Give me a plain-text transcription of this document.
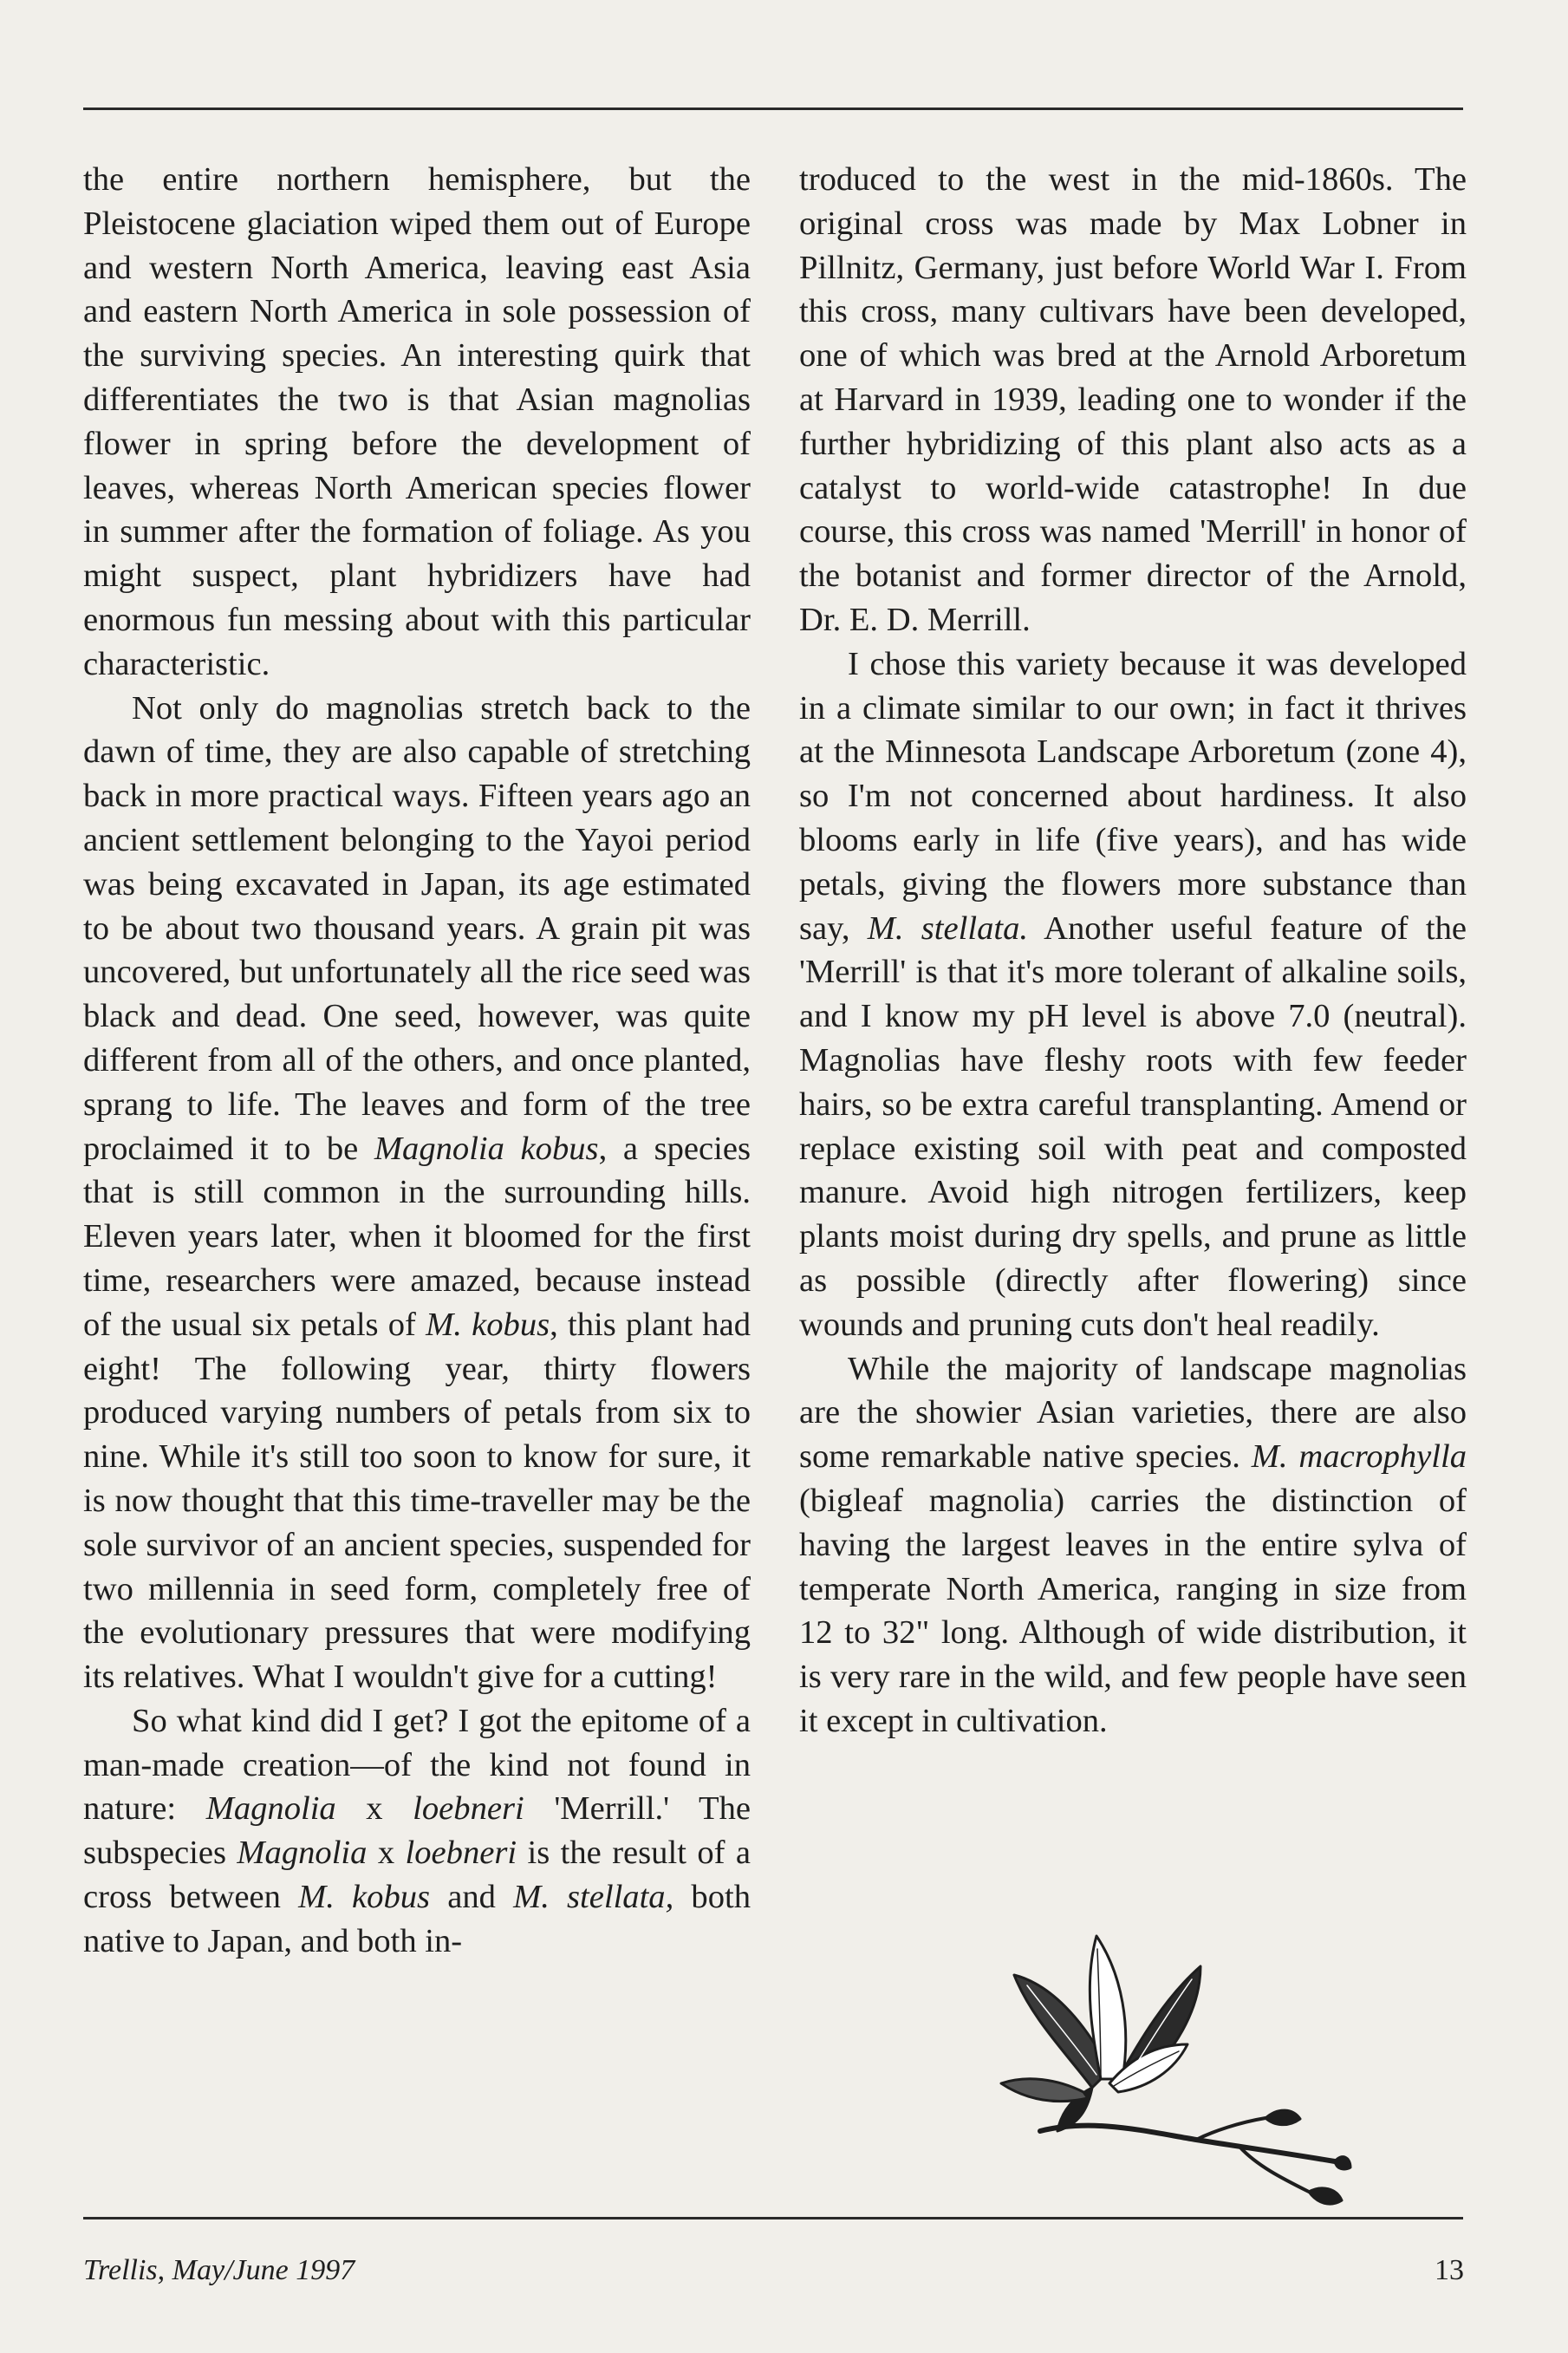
the entire northern hemisphere, but the Pleistocene glaciation wiped them out of Europe and western North America, leaving east Asia and eastern North America in sole possession of the surviving species. An interesting quirk that differentiates the two is that Asian magnolias flower in spring before the development of leaves, whereas North American species flower in summer after the formation of foliage. As you might suspect, plant hybridizers have had enormous fun messing about with this particular characteristic.

Not only do magnolias stretch back to the dawn of time, they are also capable of stretching back in more practical ways. Fifteen years ago an ancient settlement belonging to the Yayoi period was being excavated in Japan, its age estimated to be about two thousand years. A grain pit was uncovered, but unfortunately all the rice seed was black and dead. One seed, however, was quite different from all of the others, and once planted, sprang to life. The leaves and form of the tree proclaimed it to be Magnolia kobus, a species that is still common in the surrounding hills. Eleven years later, when it bloomed for the first time, researchers were amazed, because instead of the usual six petals of M. kobus, this plant had eight! The following year, thirty flowers produced varying numbers of petals from six to nine. While it's still too soon to know for sure, it is now thought that this time-traveller may be the sole survivor of an ancient species, suspended for two millennia in seed form, completely free of the evolutionary pressures that were modifying its relatives. What I wouldn't give for a cutting!

So what kind did I get? I got the epitome of a man-made creation—of the kind not found in nature: Magnolia x loebneri 'Merrill.' The subspecies Magnolia x loebneri is the result of a cross between M. kobus and M. stellata, both native to Japan, and both in-

troduced to the west in the mid-1860s. The original cross was made by Max Lobner in Pillnitz, Germany, just before World War I. From this cross, many cultivars have been developed, one of which was bred at the Arnold Arboretum at Harvard in 1939, leading one to wonder if the further hybridizing of this plant also acts as a catalyst to world-wide catastrophe! In due course, this cross was named 'Merrill' in honor of the botanist and former director of the Arnold, Dr. E. D. Merrill.

I chose this variety because it was developed in a climate similar to our own; in fact it thrives at the Minnesota Landscape Arboretum (zone 4), so I'm not concerned about hardiness. It also blooms early in life (five years), and has wide petals, giving the flowers more substance than say, M. stellata. Another useful feature of the 'Merrill' is that it's more tolerant of alkaline soils, and I know my pH level is above 7.0 (neutral). Magnolias have fleshy roots with few feeder hairs, so be extra careful transplanting. Amend or replace existing soil with peat and composted manure. Avoid high nitrogen fertilizers, keep plants moist during dry spells, and prune as little as possible (directly after flowering) since wounds and pruning cuts don't heal readily.

While the majority of landscape magnolias are the showier Asian varieties, there are also some remarkable native species. M. macrophylla (bigleaf magnolia) carries the distinction of having the largest leaves in the entire sylva of temperate North America, ranging in size from 12 to 32" long. Although of wide distribution, it is very rare in the wild, and few people have seen it except in cultivation.

Trellis, May/June 1997	13
